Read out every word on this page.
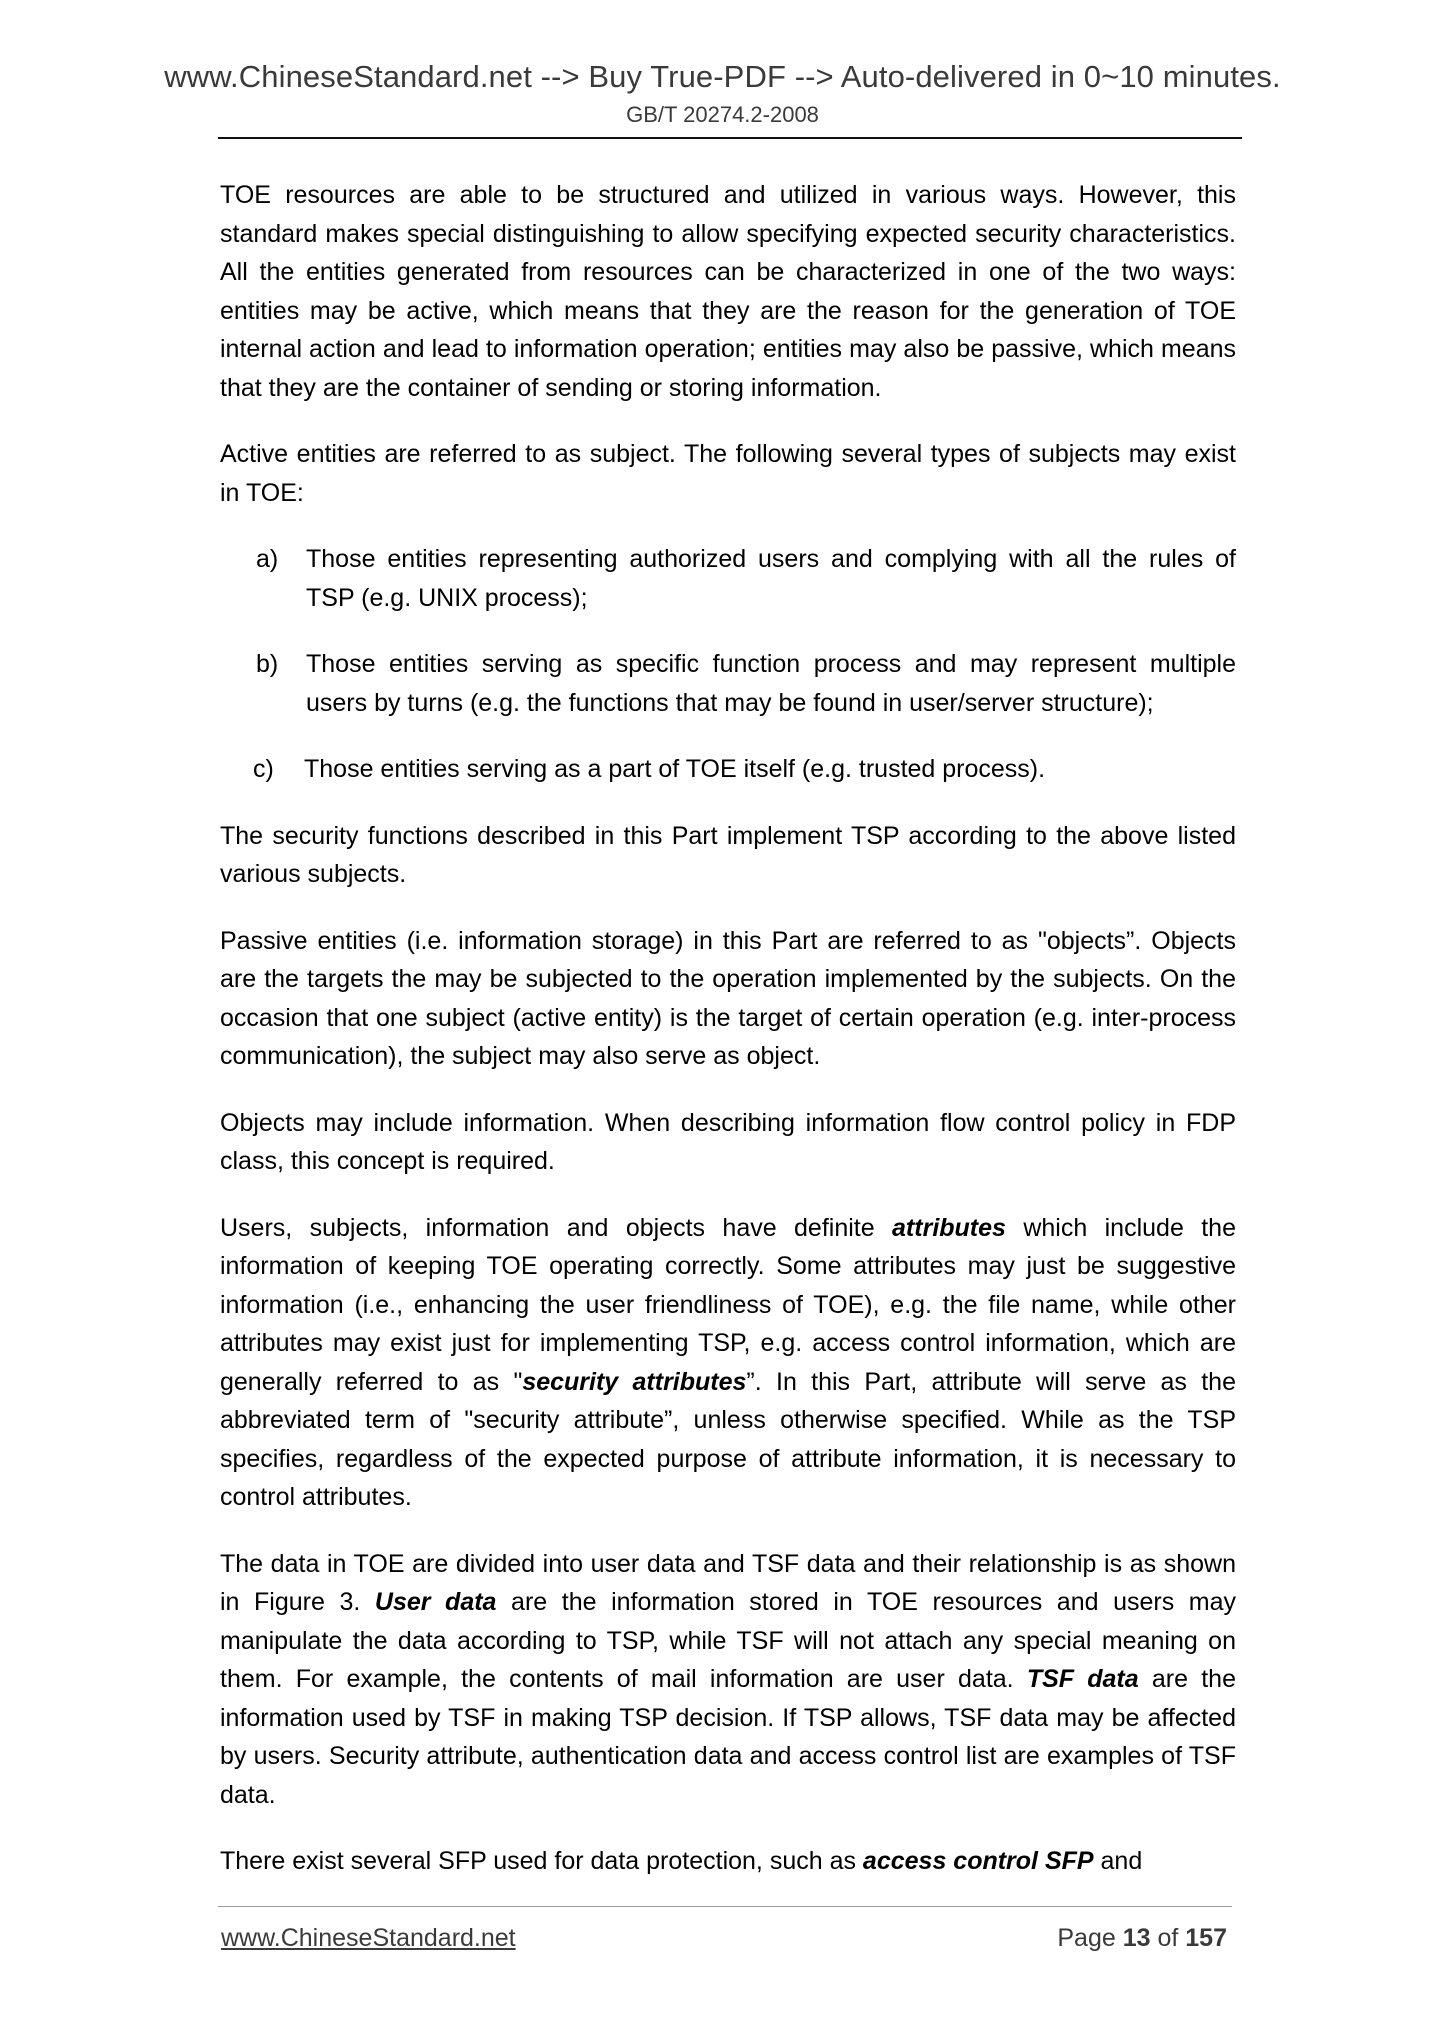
www.ChineseStandard.net --> Buy True-PDF --> Auto-delivered in 0~10 minutes.
GB/T 20274.2-2008

TOE resources are able to be structured and utilized in various ways. However, this standard makes special distinguishing to allow specifying expected security characteristics. All the entities generated from resources can be characterized in one of the two ways: entities may be active, which means that they are the reason for the generation of TOE internal action and lead to information operation; entities may also be passive, which means that they are the container of sending or storing information.

Active entities are referred to as subject. The following several types of subjects may exist in TOE:

a) Those entities representing authorized users and complying with all the rules of TSP (e.g. UNIX process);
b) Those entities serving as specific function process and may represent multiple users by turns (e.g. the functions that may be found in user/server structure);
c) Those entities serving as a part of TOE itself (e.g. trusted process).

The security functions described in this Part implement TSP according to the above listed various subjects.

Passive entities (i.e. information storage) in this Part are referred to as "objects”. Objects are the targets the may be subjected to the operation implemented by the subjects. On the occasion that one subject (active entity) is the target of certain operation (e.g. inter-process communication), the subject may also serve as object.

Objects may include information. When describing information flow control policy in FDP class, this concept is required.

Users, subjects, information and objects have definite attributes which include the information of keeping TOE operating correctly. Some attributes may just be suggestive information (i.e., enhancing the user friendliness of TOE), e.g. the file name, while other attributes may exist just for implementing TSP, e.g. access control information, which are generally referred to as "security attributes”. In this Part, attribute will serve as the abbreviated term of "security attribute”, unless otherwise specified. While as the TSP specifies, regardless of the expected purpose of attribute information, it is necessary to control attributes.

The data in TOE are divided into user data and TSF data and their relationship is as shown in Figure 3. User data are the information stored in TOE resources and users may manipulate the data according to TSP, while TSF will not attach any special meaning on them. For example, the contents of mail information are user data. TSF data are the information used by TSF in making TSP decision. If TSP allows, TSF data may be affected by users. Security attribute, authentication data and access control list are examples of TSF data.

There exist several SFP used for data protection, such as access control SFP and

www.ChineseStandard.net	Page 13 of 157
